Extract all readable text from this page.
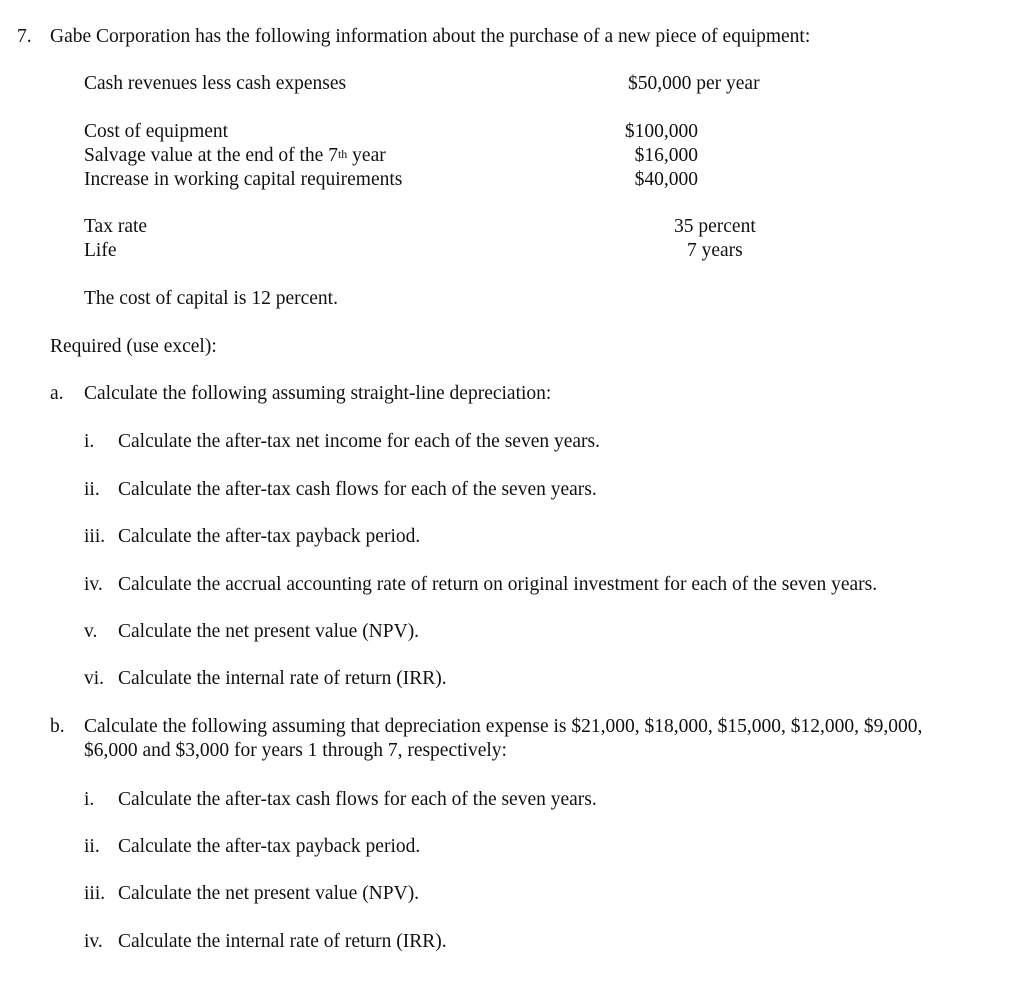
7. Gabe Corporation has the following information about the purchase of a new piece of equipment:
Cash revenues less cash expenses	$50,000 per year
Cost of equipment	$100,000
Salvage value at the end of the 7th year	$16,000
Increase in working capital requirements	$40,000
Tax rate	35 percent
Life	7 years
The cost of capital is 12 percent.
Required (use excel):
a. Calculate the following assuming straight-line depreciation:
i. Calculate the after-tax net income for each of the seven years.
ii. Calculate the after-tax cash flows for each of the seven years.
iii. Calculate the after-tax payback period.
iv. Calculate the accrual accounting rate of return on original investment for each of the seven years.
v. Calculate the net present value (NPV).
vi. Calculate the internal rate of return (IRR).
b. Calculate the following assuming that depreciation expense is $21,000, $18,000, $15,000, $12,000, $9,000,
$6,000 and $3,000 for years 1 through 7, respectively:
i. Calculate the after-tax cash flows for each of the seven years.
ii. Calculate the after-tax payback period.
iii. Calculate the net present value (NPV).
iv. Calculate the internal rate of return (IRR).
